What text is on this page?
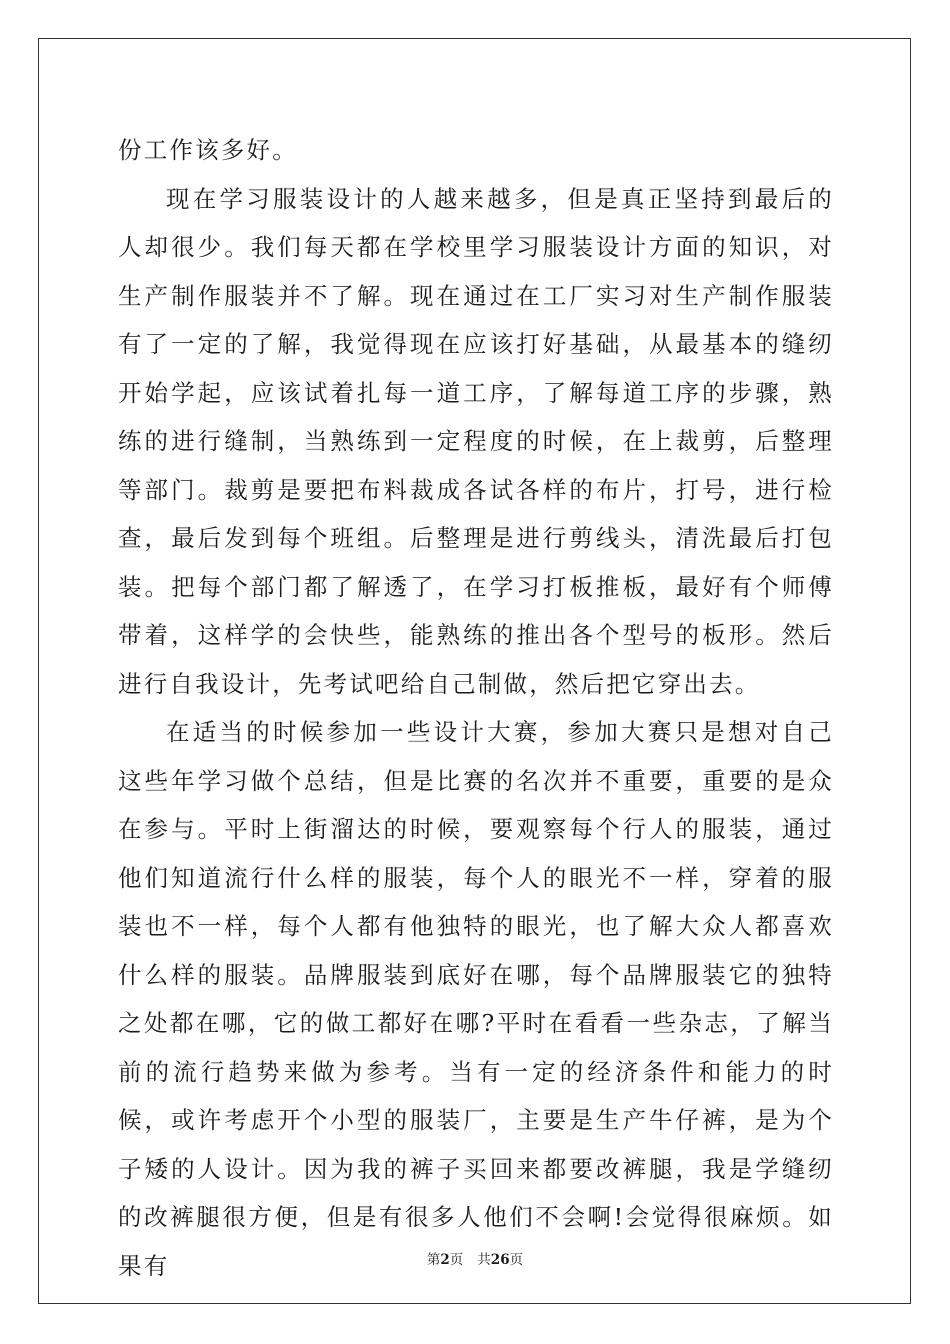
份工作该多好。

现在学习服装设计的人越来越多，但是真正坚持到最后的人却很少。我们每天都在学校里学习服装设计方面的知识，对生产制作服装并不了解。现在通过在工厂实习对生产制作服装有了一定的了解，我觉得现在应该打好基础，从最基本的缝纫开始学起，应该试着扎每一道工序，了解每道工序的步骤，熟练的进行缝制，当熟练到一定程度的时候，在上裁剪，后整理等部门。裁剪是要把布料裁成各试各样的布片，打号，进行检查，最后发到每个班组。后整理是进行剪线头，清洗最后打包装。把每个部门都了解透了，在学习打板推板，最好有个师傅带着，这样学的会快些，能熟练的推出各个型号的板形。然后进行自我设计，先考试吧给自己制做，然后把它穿出去。

在适当的时候参加一些设计大赛，参加大赛只是想对自己这些年学习做个总结，但是比赛的名次并不重要，重要的是众在参与。平时上街溜达的时候，要观察每个行人的服装，通过他们知道流行什么样的服装，每个人的眼光不一样，穿着的服装也不一样，每个人都有他独特的眼光，也了解大众人都喜欢什么样的服装。品牌服装到底好在哪，每个品牌服装它的独特之处都在哪，它的做工都好在哪?平时在看看一些杂志，了解当前的流行趋势来做为参考。当有一定的经济条件和能力的时候，或许考虑开个小型的服装厂，主要是生产牛仔裤，是为个子矮的人设计。因为我的裤子买回来都要改裤腿，我是学缝纫的改裤腿很方便，但是有很多人他们不会啊!会觉得很麻烦。如果有	第2页 共26页
